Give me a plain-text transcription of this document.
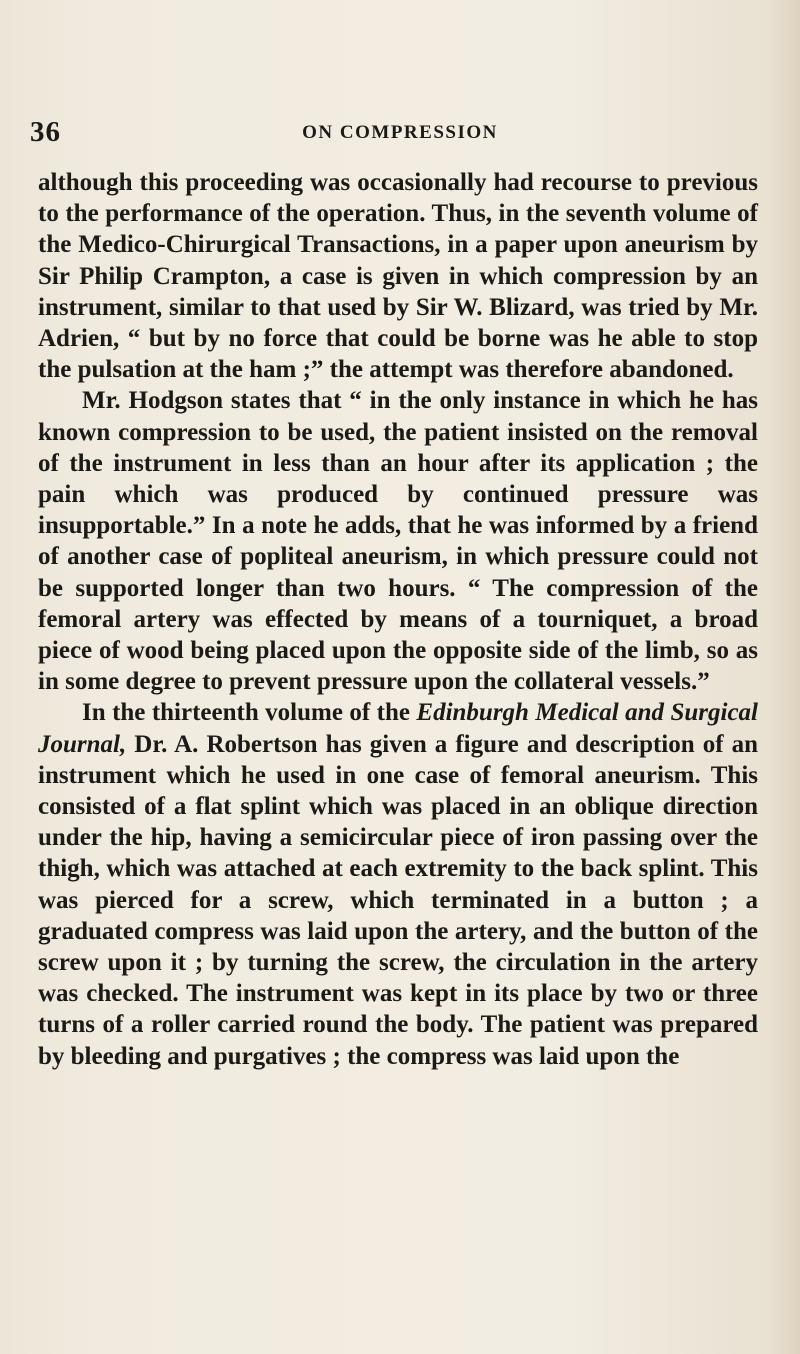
36	ON COMPRESSION

although this proceeding was occasionally had recourse to previous to the performance of the operation. Thus, in the seventh volume of the Medico-Chirurgical Transactions, in a paper upon aneurism by Sir Philip Crampton, a case is given in which compression by an instrument, similar to that used by Sir W. Blizard, was tried by Mr. Adrien, “ but by no force that could be borne was he able to stop the pulsation at the ham ;” the attempt was therefore abandoned.

Mr. Hodgson states that “ in the only instance in which he has known compression to be used, the patient insisted on the removal of the instrument in less than an hour after its application ; the pain which was produced by continued pressure was insupportable.” In a note he adds, that he was informed by a friend of another case of popliteal aneurism, in which pressure could not be supported longer than two hours. “ The compression of the femoral artery was effected by means of a tourniquet, a broad piece of wood being placed upon the opposite side of the limb, so as in some degree to prevent pressure upon the collateral vessels.”

In the thirteenth volume of the Edinburgh Medical and Surgical Journal, Dr. A. Robertson has given a figure and description of an instrument which he used in one case of femoral aneurism. This consisted of a flat splint which was placed in an oblique direction under the hip, having a semicircular piece of iron passing over the thigh, which was attached at each extremity to the back splint. This was pierced for a screw, which terminated in a button ; a graduated compress was laid upon the artery, and the button of the screw upon it ; by turning the screw, the circulation in the artery was checked. The instrument was kept in its place by two or three turns of a roller carried round the body. The patient was prepared by bleeding and purgatives ; the compress was laid upon the
